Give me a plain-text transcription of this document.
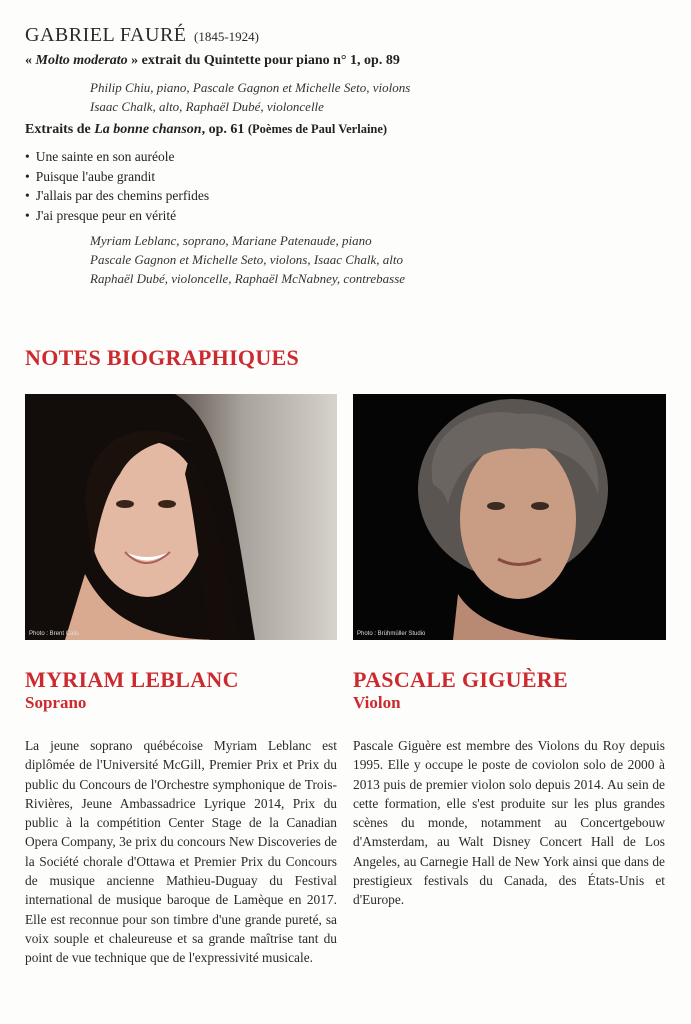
GABRIEL FAURÉ (1845-1924)
« Molto moderato » extrait du Quintette pour piano n° 1, op. 89
Philip Chiu, piano, Pascale Gagnon et Michelle Seto, violons
Isaac Chalk, alto, Raphaël Dubé, violoncelle
Extraits de La bonne chanson, op. 61 (Poèmes de Paul Verlaine)
• Une sainte en son auréole
• Puisque l'aube grandit
• J'allais par des chemins perfides
• J'ai presque peur en vérité
Myriam Leblanc, soprano, Mariane Patenaude, piano
Pascale Gagnon et Michelle Seto, violons, Isaac Chalk, alto
Raphaël Dubé, violoncelle, Raphaël McNabney, contrebasse
NOTES BIOGRAPHIQUES
Photo : Brent Calis	Photo : Brühmüller Studio
MYRIAM LEBLANC
Soprano

La jeune soprano québécoise Myriam Leblanc est diplômée de l'Université McGill, Premier Prix et Prix du public du Concours de l'Orchestre symphonique de Trois-Rivières, Jeune Ambassadrice Lyrique 2014, Prix du public à la compétition Center Stage de la Canadian Opera Company, 3e prix du concours New Discoveries de la Société chorale d'Ottawa et Premier Prix du Concours de musique ancienne Mathieu-Duguay du Festival international de musique baroque de Lamèque en 2017. Elle est reconnue pour son timbre d'une grande pureté, sa voix souple et chaleureuse et sa grande maîtrise tant du point de vue technique que de l'expressivité musicale.

PASCALE GIGUÈRE
Violon

Pascale Giguère est membre des Violons du Roy depuis 1995. Elle y occupe le poste de coviolon solo de 2000 à 2013 puis de premier violon solo depuis 2014. Au sein de cette formation, elle s'est produite sur les plus grandes scènes du monde, notamment au Concertgebouw d'Amsterdam, au Walt Disney Concert Hall de Los Angeles, au Carnegie Hall de New York ainsi que dans de prestigieux festivals du Canada, des États-Unis et d'Europe.
